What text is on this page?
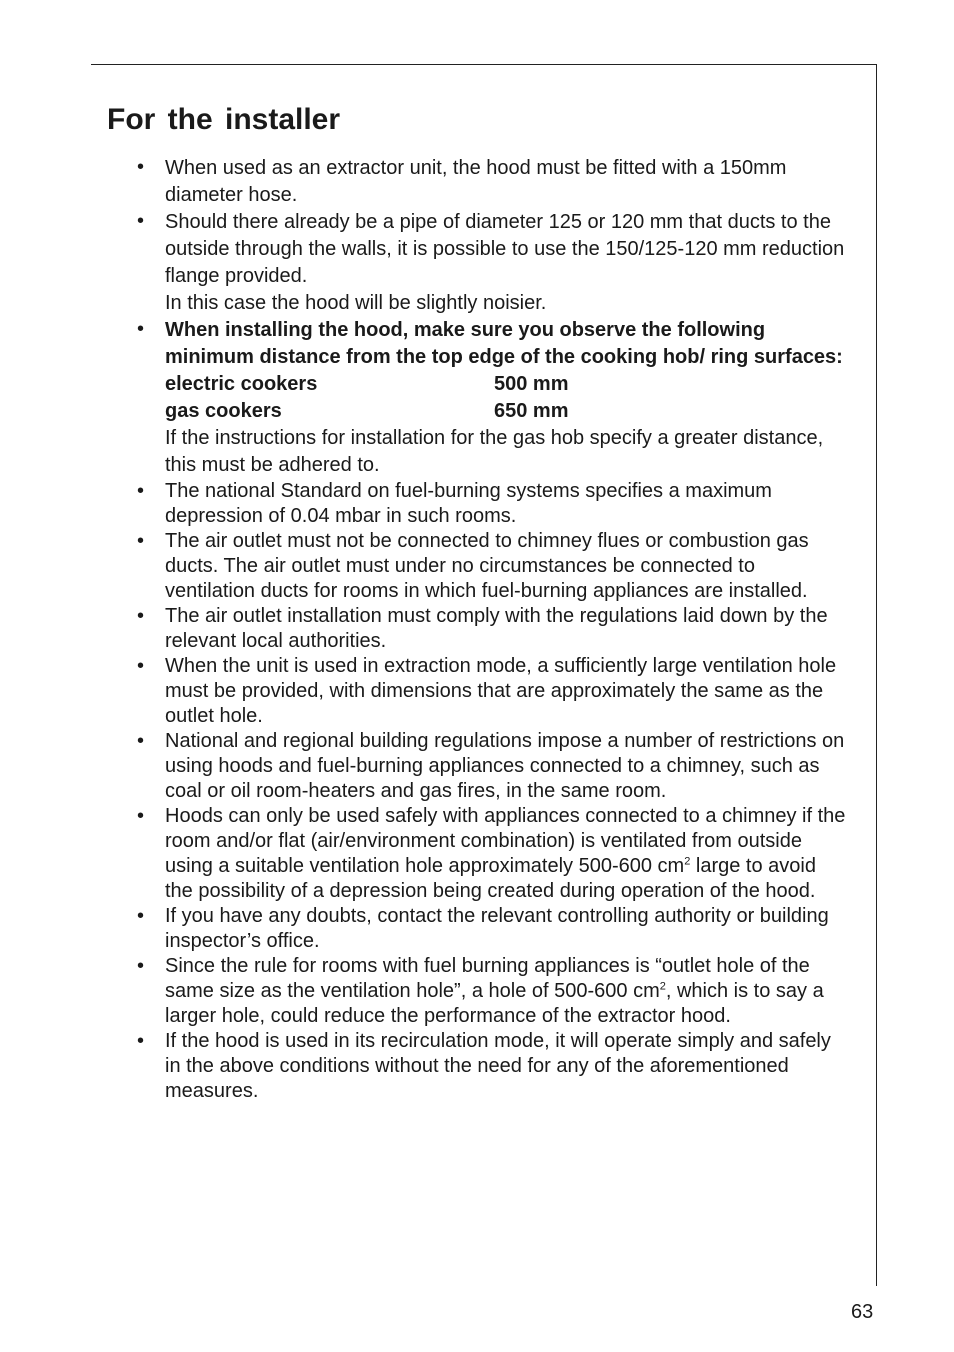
For the installer
• When used as an extractor unit, the hood must be fitted with a 150mm diameter hose.

• Should there already be a pipe of diameter 125 or 120 mm that ducts to the outside through the walls, it is possible to use the 150/125-120 mm reduction flange provided.

In this case the hood will be slightly noisier.

• When installing the hood, make sure you observe the following minimum distance from the top edge of the cooking hob/ ring surfaces:

electric cookers	500 mm
gas cookers	650 mm

If the instructions for installation for the gas hob specify a greater distance, this must be adhered to.

• The national Standard on fuel-burning systems specifies a maximum depression of 0.04 mbar in such rooms.

• The air outlet must not be connected to chimney flues or combustion gas ducts. The air outlet must under no circumstances be connected to ventilation ducts for rooms in which fuel-burning appliances are installed.

• The air outlet installation must comply with the regulations laid down by the relevant local authorities.

• When the unit is used in extraction mode, a sufficiently large ventilation hole must be provided, with dimensions that are approximately the same as the outlet hole.

• National and regional building regulations impose a number of restrictions on using hoods and fuel-burning appliances connected to a chimney, such as coal or oil room-heaters and gas fires, in the same room.

• Hoods can only be used safely with appliances connected to a chimney if the room and/or flat (air/environment combination) is ventilated from outside using a suitable ventilation hole approximately 500-600 $cm^2$ large to avoid the possibility of a depression being created during operation of the hood.

• If you have any doubts, contact the relevant controlling authority or building inspector’s office.

• Since the rule for rooms with fuel burning appliances is “outlet hole of the same size as the ventilation hole”, a hole of 500-600 $cm^2$, which is to say a larger hole, could reduce the performance of the extractor hood.

• If the hood is used in its recirculation mode, it will operate simply and safely in the above conditions without the need for any of the aforementioned measures.

63
